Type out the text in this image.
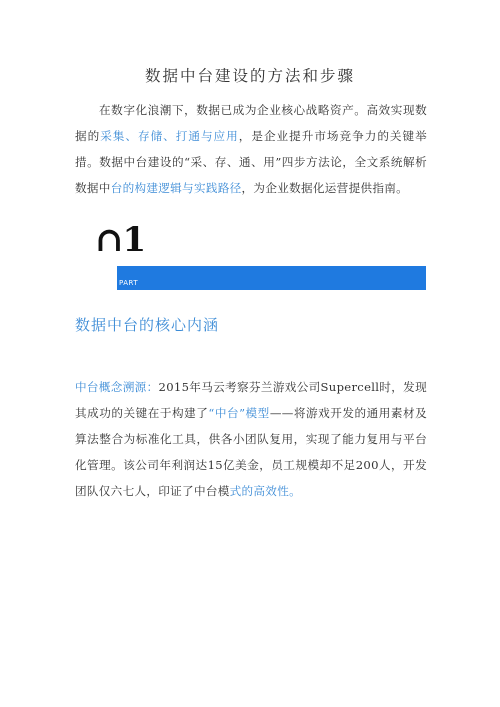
数据中台建设的方法和步骤

在数字化浪潮下，数据已成为企业核心战略资产。高效实现数据的采集、存储、打通与应用，是企业提升市场竞争力的关键举措。数据中台建设的“采、存、通、用”四步方法论，全文系统解析数据中台的构建逻辑与实践路径，为企业数据化运营提供指南。

∩1
PART
数据中台的核心内涵

中台概念溯源：2015年马云考察芬兰游戏公司Supercell时，发现其成功的关键在于构建了“中台”模型——将游戏开发的通用素材及算法整合为标准化工具，供各小团队复用，实现了能力复用与平台化管理。该公司年利润达15亿美金，员工规模却不足200人，开发团队仅六七人，印证了中台模式的高效性。
